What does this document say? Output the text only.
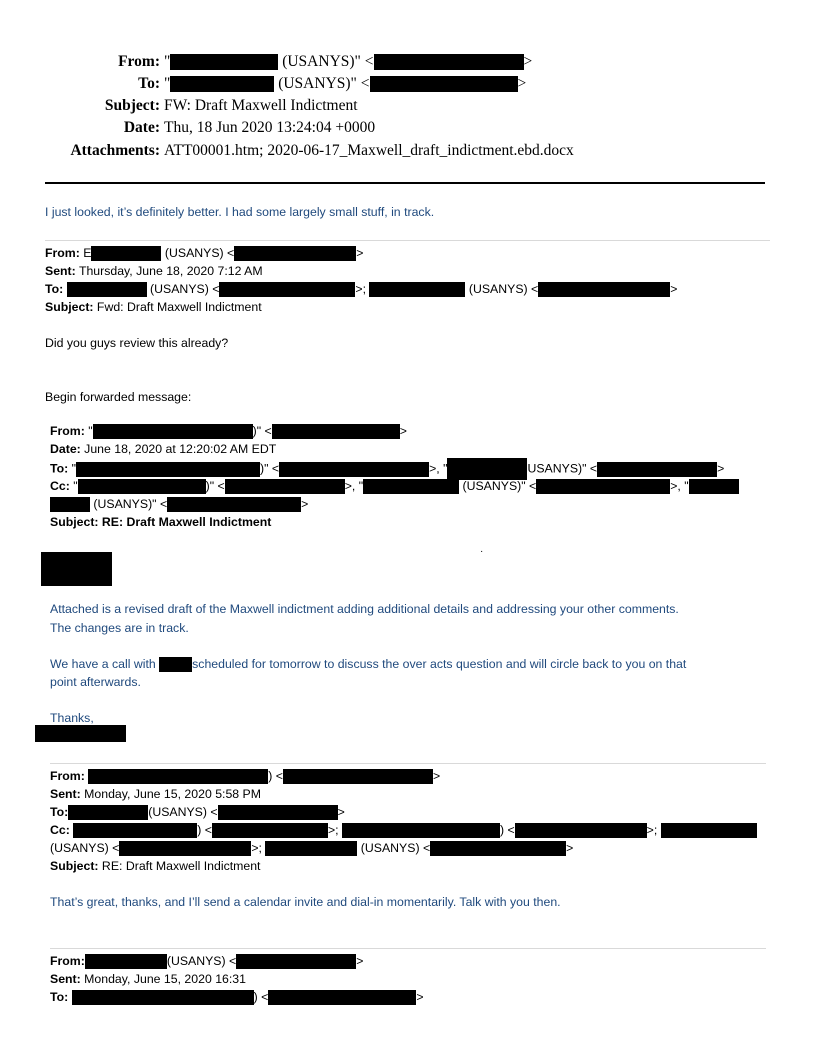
From: "	(USANYS)" <	>
To: "	(USANYS)" <	>
Subject: FW: Draft Maxwell Indictment
Date: Thu, 18 Jun 2020 13:24:04 +0000
Attachments: ATT00001.htm; 2020-06-17_Maxwell_draft_indictment.ebd.docx
I just looked, it’s definitely better. I had some largely small stuff, in track.
From: E	(USANYS) <	>
Sent: Thursday, June 18, 2020 7:12 AM
To:	(USANYS) <	>;	(USANYS) <	>
Subject: Fwd: Draft Maxwell Indictment
Did you guys review this already?
Begin forwarded message:
From: "	)" <	>
Date: June 18, 2020 at 12:20:02 AM EDT
To: "	)" <	>, "	USANYS)" <	>
Cc: "	)" <	>, "	(USANYS)" <	>, "
(USANYS)" <	>
Subject: RE: Draft Maxwell Indictment
·
Attached is a revised draft of the Maxwell indictment adding additional details and addressing your other comments.
The changes are in track.
We have a call with	scheduled for tomorrow to discuss the over acts question and will circle back to you on that
point afterwards.
Thanks,
From:	) <	>
Sent: Monday, June 15, 2020 5:58 PM
To:	(USANYS) <	>
Cc:	) <	>;	) <	>;
(USANYS) <	>;	(USANYS) <	>
Subject: RE: Draft Maxwell Indictment
That’s great, thanks, and I’ll send a calendar invite and dial-in momentarily. Talk with you then.
From:	(USANYS) <	>
Sent: Monday, June 15, 2020 16:31
To:	) <	>
